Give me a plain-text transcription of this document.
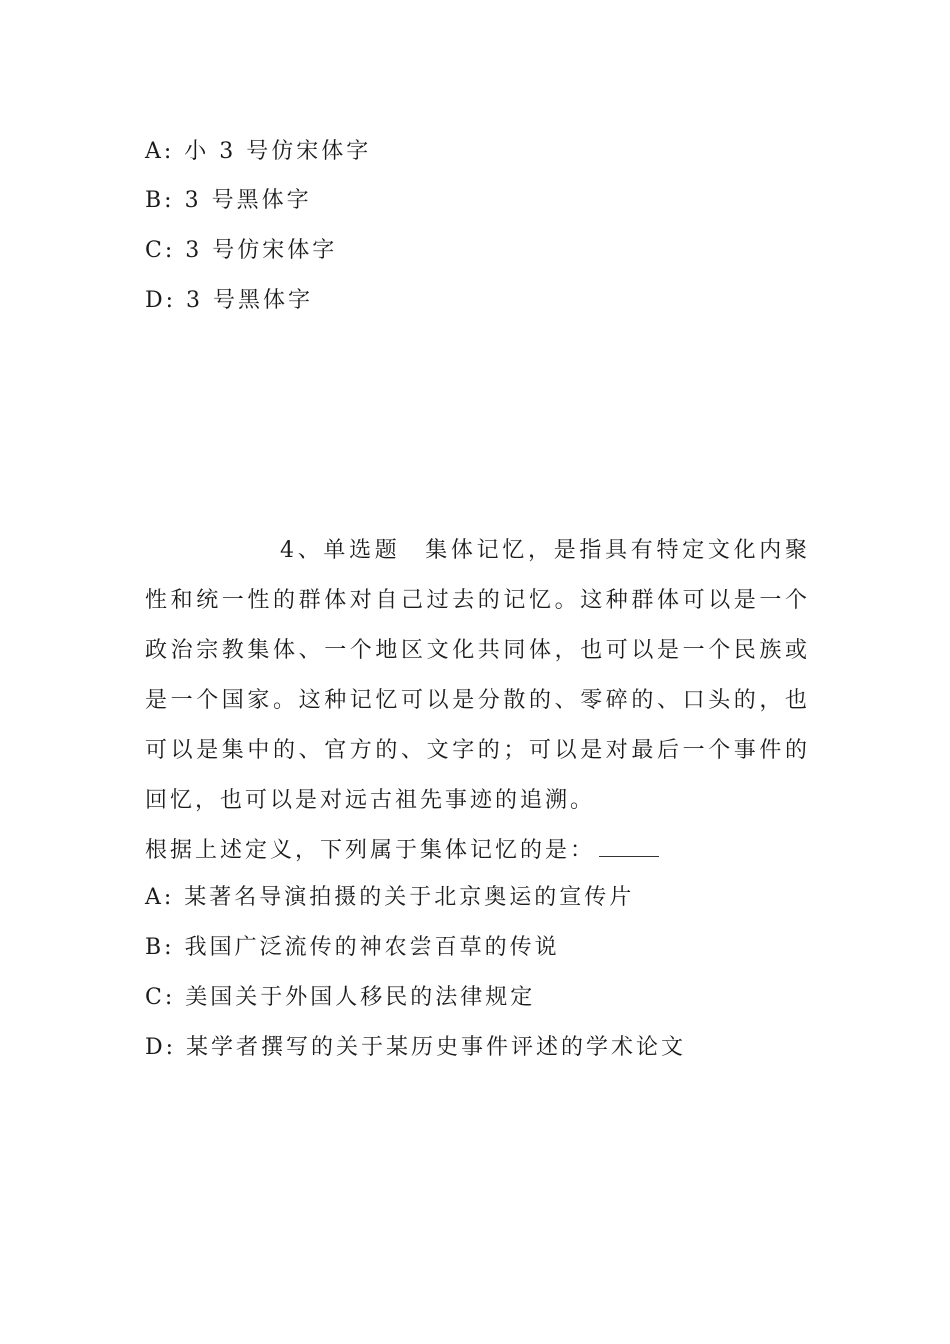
A: 小 3 号仿宋体字
B: 3 号黑体字
C: 3 号仿宋体字
D: 3 号黑体字
4、单选题 集体记忆，是指具有特定文化内聚性和统一性的群体对自己过去的记忆。这种群体可以是一个政治宗教集体、一个地区文化共同体，也可以是一个民族或是一个国家。这种记忆可以是分散的、零碎的、口头的，也可以是集中的、官方的、文字的；可以是对最后一个事件的回忆，也可以是对远古祖先事迹的追溯。
根据上述定义，下列属于集体记忆的是：
A: 某著名导演拍摄的关于北京奥运的宣传片
B: 我国广泛流传的神农尝百草的传说
C: 美国关于外国人移民的法律规定
D: 某学者撰写的关于某历史事件评述的学术论文
